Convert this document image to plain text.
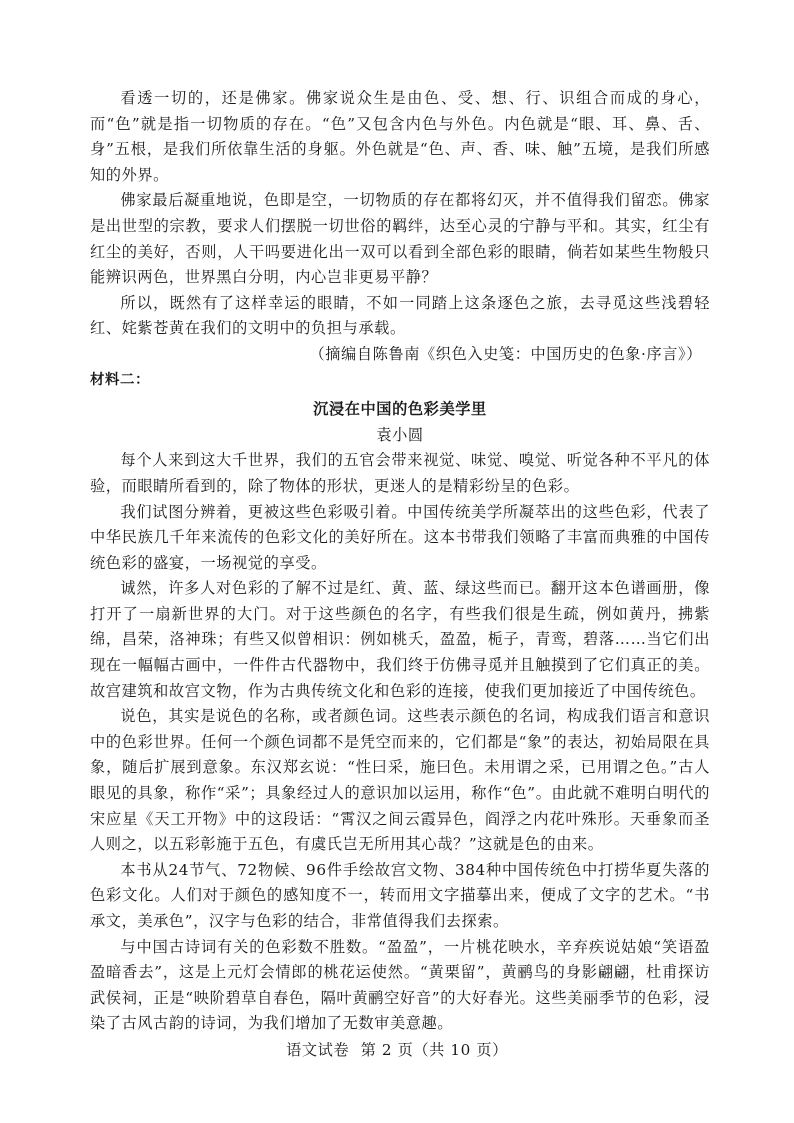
看透一切的，还是佛家。佛家说众生是由色、受、想、行、识组合而成的身心，而“色”就是指一切物质的存在。“色”又包含内色与外色。内色就是“眼、耳、鼻、舌、身”五根，是我们所依靠生活的身躯。外色就是“色、声、香、味、触”五境，是我们所感知的外界。

佛家最后凝重地说，色即是空，一切物质的存在都将幻灭，并不值得我们留恋。佛家是出世型的宗教，要求人们摆脱一切世俗的羁绊，达至心灵的宁静与平和。其实，红尘有红尘的美好，否则，人干吗要进化出一双可以看到全部色彩的眼睛，倘若如某些生物般只能辨识两色，世界黑白分明，内心岂非更易平静？

所以，既然有了这样幸运的眼睛，不如一同踏上这条逐色之旅，去寻觅这些浅碧轻红、姹紫苍黄在我们的文明中的负担与承载。

（摘编自陈鲁南《织色入史笺：中国历史的色象·序言》）

材料二：

沉浸在中国的色彩美学里

袁小圆

每个人来到这大千世界，我们的五官会带来视觉、味觉、嗅觉、听觉各种不平凡的体验，而眼睛所看到的，除了物体的形状，更迷人的是精彩纷呈的色彩。

我们试图分辨着，更被这些色彩吸引着。中国传统美学所凝萃出的这些色彩，代表了中华民族几千年来流传的色彩文化的美好所在。这本书带我们领略了丰富而典雅的中国传统色彩的盛宴，一场视觉的享受。

诚然，许多人对色彩的了解不过是红、黄、蓝、绿这些而已。翻开这本色谱画册，像打开了一扇新世界的大门。对于这些颜色的名字，有些我们很是生疏，例如黄丹，拂紫绵，昌荣，洛神珠；有些又似曾相识：例如桃夭，盈盈，栀子，青鸾，碧落……当它们出现在一幅幅古画中，一件件古代器物中，我们终于仿佛寻觅并且触摸到了它们真正的美。故宫建筑和故宫文物，作为古典传统文化和色彩的连接，使我们更加接近了中国传统色。

说色，其实是说色的名称，或者颜色词。这些表示颜色的名词，构成我们语言和意识中的色彩世界。任何一个颜色词都不是凭空而来的，它们都是“象”的表达，初始局限在具象，随后扩展到意象。东汉郑玄说：“性曰采，施曰色。未用谓之采，已用谓之色。”古人眼见的具象，称作“采”；具象经过人的意识加以运用，称作“色”。由此就不难明白明代的宋应星《天工开物》中的这段话：“霄汉之间云霞异色，阎浮之内花叶殊形。天垂象而圣人则之，以五彩彰施于五色，有虞氏岂无所用其心哉？”这就是色的由来。

本书从24节气、72物候、96件手绘故宫文物、384种中国传统色中打捞华夏失落的色彩文化。人们对于颜色的感知度不一，转而用文字描摹出来，便成了文字的艺术。“书承文，美承色”，汉字与色彩的结合，非常值得我们去探索。

与中国古诗词有关的色彩数不胜数。“盈盈”，一片桃花映水，辛弃疾说姑娘“笑语盈盈暗香去”，这是上元灯会情郎的桃花运使然。“黄栗留”，黄鹂鸟的身影翩翩，杜甫探访武侯祠，正是“映阶碧草自春色，隔叶黄鹂空好音”的大好春光。这些美丽季节的色彩，浸染了古风古韵的诗词，为我们增加了无数审美意趣。

语文试卷 第 2 页（共 10 页）
